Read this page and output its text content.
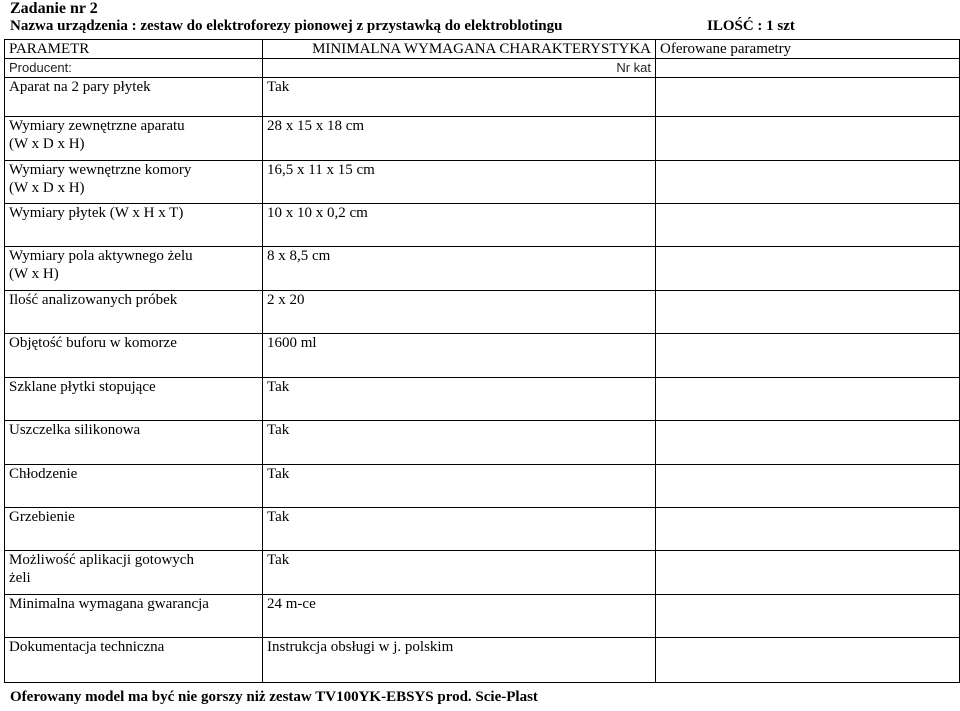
Zadanie nr 2
Nazwa urządzenia : zestaw do elektroforezy pionowej z przystawką do elektroblotingu	ILOŚĆ : 1 szt
PARAMETR	MINIMALNA WYMAGANA CHARAKTERYSTYKA	Oferowane parametry
Producent:	Nr kat	
Aparat na 2 pary płytek	Tak	
Wymiary zewnętrzne aparatu
(W x D x H)	28 x 15 x 18 cm	
Wymiary wewnętrzne komory
(W x D x H)	16,5 x 11 x 15 cm	
Wymiary płytek (W x H x T)	10 x 10 x 0,2 cm	
Wymiary pola aktywnego żelu
(W x H)	8 x 8,5 cm	
Ilość analizowanych próbek	2 x 20	
Objętość buforu w komorze	1600 ml	
Szklane płytki stopujące	Tak	
Uszczelka silikonowa	Tak	
Chłodzenie	Tak	
Grzebienie	Tak	
Możliwość aplikacji gotowych
żeli	Tak	
Minimalna wymagana gwarancja	24 m-ce	
Dokumentacja techniczna	Instrukcja obsługi w j. polskim	
Oferowany model ma być nie gorszy niż zestaw TV100YK-EBSYS prod. Scie-Plast
